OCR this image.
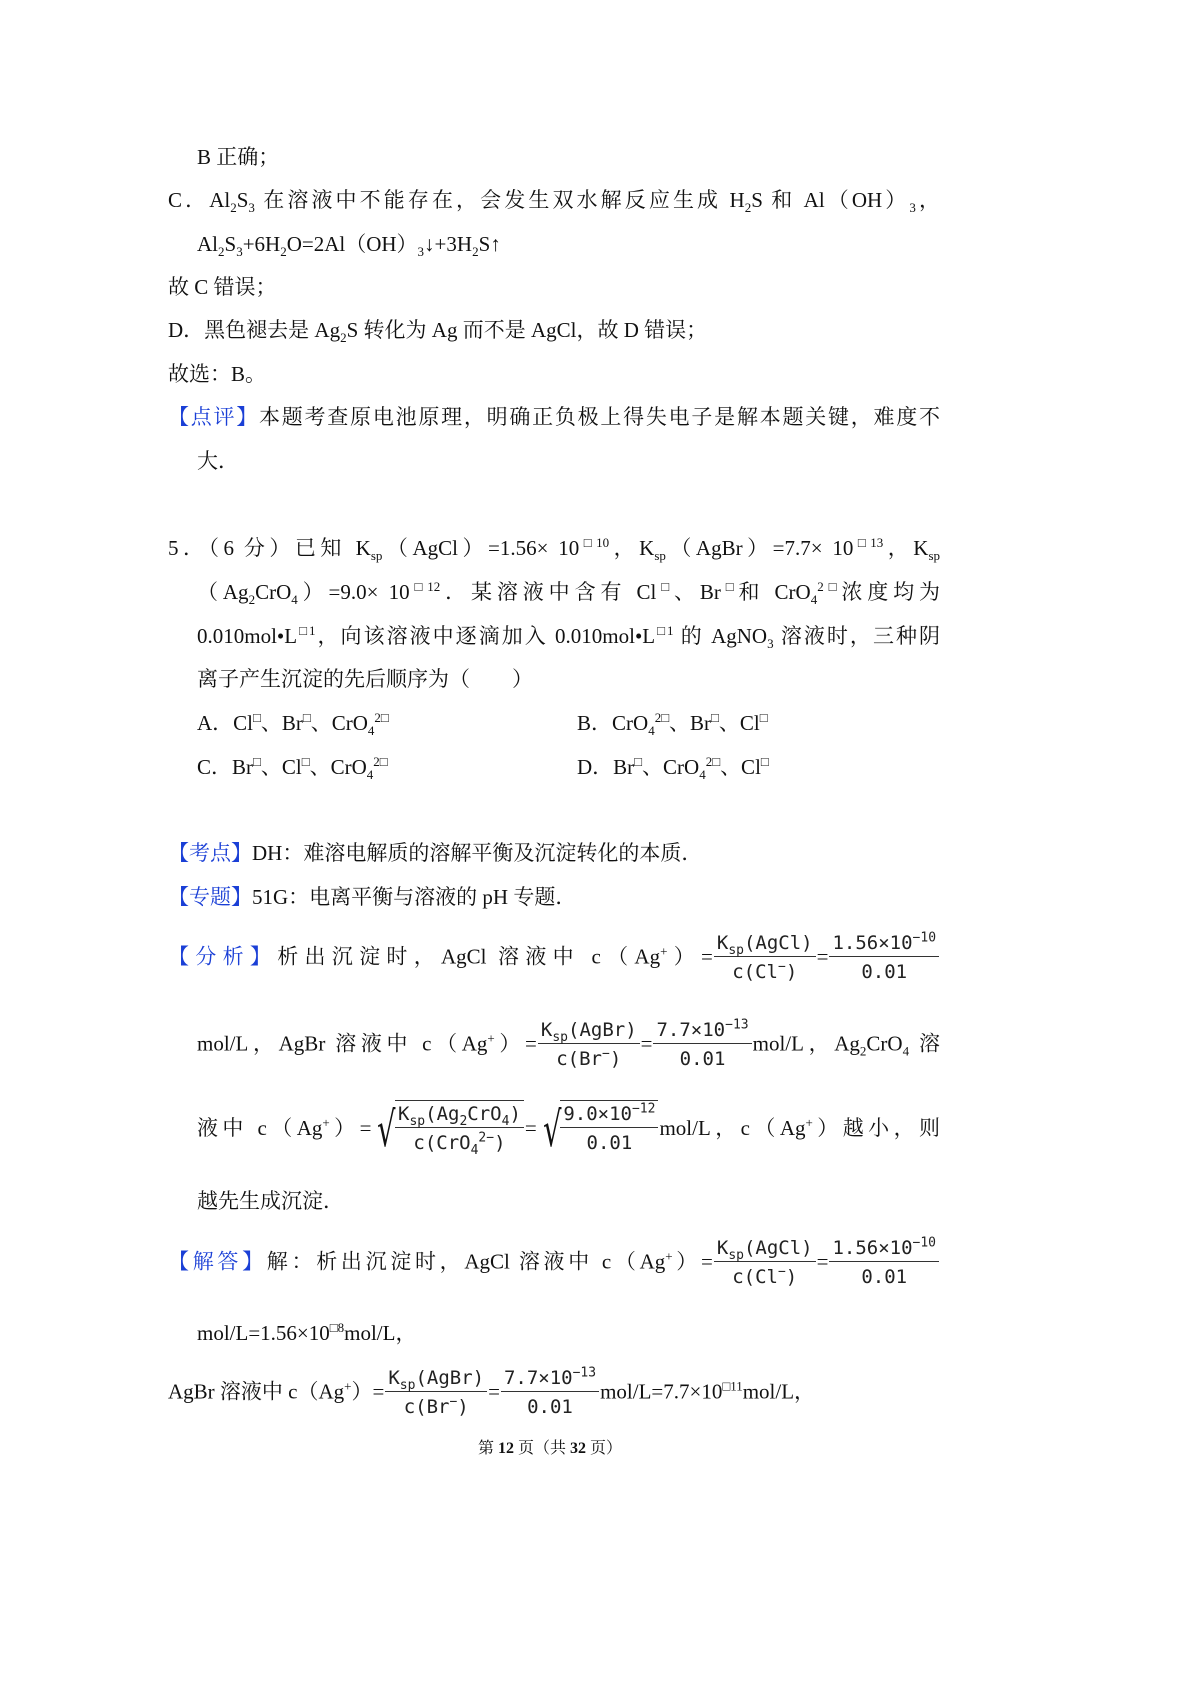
B 正确；
C．$Al_2S_3$ 在溶液中不能存在，会发生双水解反应生成 $H_2S$ 和 $Al(OH)_3$，
$Al_2S_3+6H_2O=2Al(OH)_3↓+3H_2S↑$
故 C 错误；
D．黑色褪去是 $Ag_2S$ 转化为 Ag 而不是 AgCl，故 D 错误；
故选：B。
【点评】本题考查原电池原理，明确正负极上得失电子是解本题关键，难度不
大．
5．（6 分）已知 $K_{sp}(AgCl)=1.56\times 10^{□10}$，$K_{sp}(AgBr)=7.7\times 10^{□13}$，$K_{sp}$
$(Ag_2CrO_4)=9.0\times 10^{□12}$．某溶液中含有 Cl□、Br□和 CrO$_4^{2□}$浓度均为
$0.010mol•L^{□1}$，向该溶液中逐滴加入 $0.010mol•L^{□1}$ 的 AgNO$_3$ 溶液时，三种阴
离子产生沉淀的先后顺序为（　　）
A．Cl□、Br□、CrO$_4^{2□}$	B．CrO$_4^{2□}$、Br□、Cl□
C．Br□、Cl□、CrO$_4^{2□}$	D．Br□、CrO$_4^{2□}$、Cl□
【考点】DH：难溶电解质的溶解平衡及沉淀转化的本质．
【专题】51G：电离平衡与溶液的 pH 专题．
【分析】析出沉淀时，AgCl 溶液中 $c(Ag^+)= \frac{K_{sp}(AgCl)}{c(Cl^-)} = \frac{1.56\times 10^{-10}}{0.01}$
mol/L，AgBr 溶液中 $c(Ag^+)= \frac{K_{sp}(AgBr)}{c(Br^-)} = \frac{7.7\times 10^{-13}}{0.01} mol/L$，$Ag_2CrO_4$ 溶
液中 c（Ag+）= √ $\frac{K_{sp}(Ag_2CrO_4)}{c(CrO_4^{2-})}$ = √ $\frac{9.0\times 10^{-12}}{0.01} mol/L$，c（Ag+）越小，则
越先生成沉淀．
【解答】解：析出沉淀时，AgCl 溶液中 $c(Ag^+)= \frac{K_{sp}(AgCl)}{c(Cl^-)} = \frac{1.56\times 10^{-10}}{0.01}$
mol/$L=1.56\times 10^{□8}mol/L$，
AgBr 溶液中 $c(Ag^+)= \frac{K_{sp}(AgBr)}{c(Br^-)} = \frac{7.7\times 10^{-13}}{0.01} mol/L=7.7\times 10^{□11}mol/L$，
第 12 页（共 32 页）
